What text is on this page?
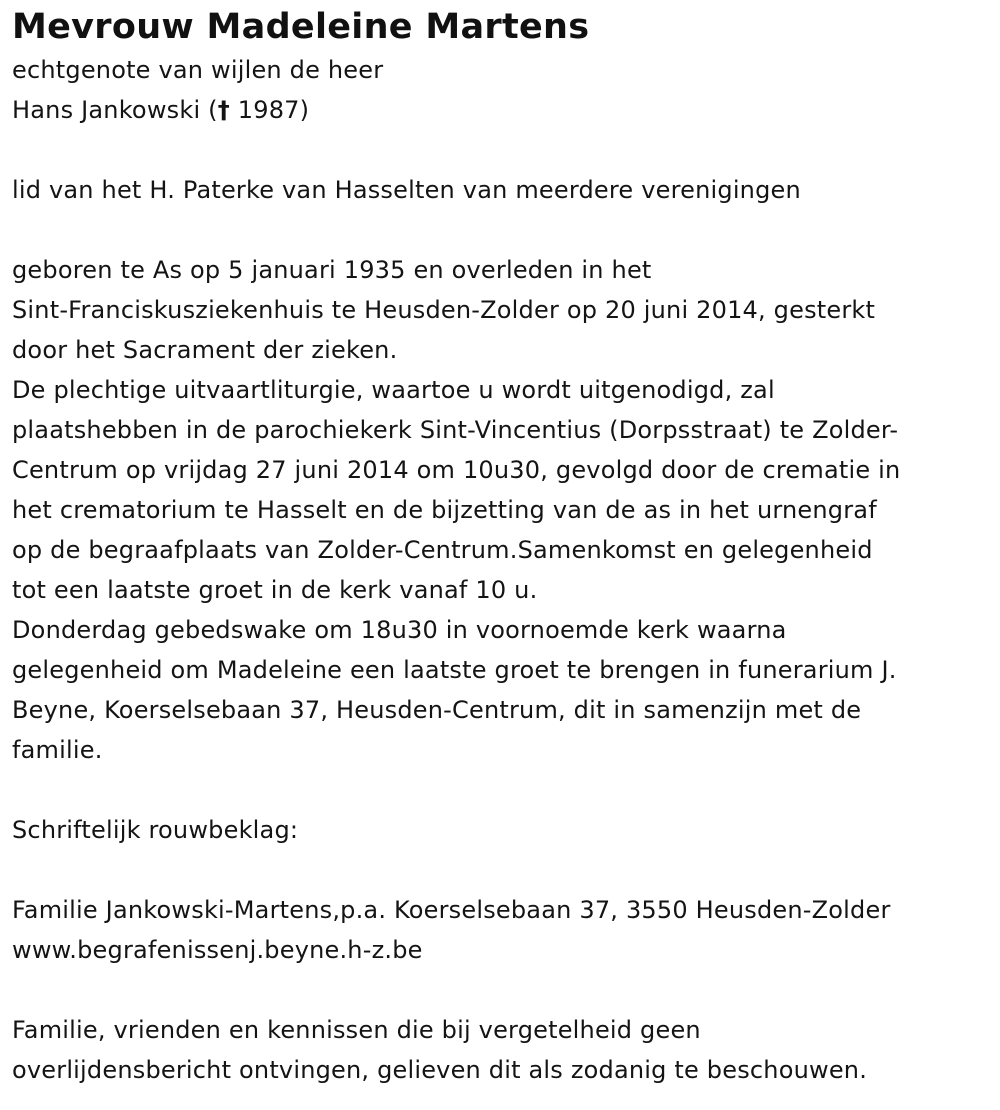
Mevrouw Madeleine Martens
echtgenote van wijlen de heer
Hans Jankowski († 1987)
lid van het H. Paterke van Hasselten van meerdere verenigingen
geboren te As op 5 januari 1935 en overleden in het
Sint-Franciskusziekenhuis te Heusden-Zolder op 20 juni 2014, gesterkt
door het Sacrament der zieken.
De plechtige uitvaartliturgie, waartoe u wordt uitgenodigd, zal
plaatshebben in de parochiekerk Sint-Vincentius (Dorpsstraat) te Zolder-
Centrum op vrijdag 27 juni 2014 om 10u30, gevolgd door de crematie in
het crematorium te Hasselt en de bijzetting van de as in het urnengraf
op de begraafplaats van Zolder-Centrum.Samenkomst en gelegenheid
tot een laatste groet in de kerk vanaf 10 u.
Donderdag gebedswake om 18u30 in voornoemde kerk waarna
gelegenheid om Madeleine een laatste groet te brengen in funerarium J.
Beyne, Koerselsebaan 37, Heusden-Centrum, dit in samenzijn met de
familie.
Schriftelijk rouwbeklag:
Familie Jankowski-Martens,p.a. Koerselsebaan 37, 3550 Heusden-Zolder
www.begrafenissenj.beyne.h-z.be
Familie, vrienden en kennissen die bij vergetelheid geen
overlijdensbericht ontvingen, gelieven dit als zodanig te beschouwen.
